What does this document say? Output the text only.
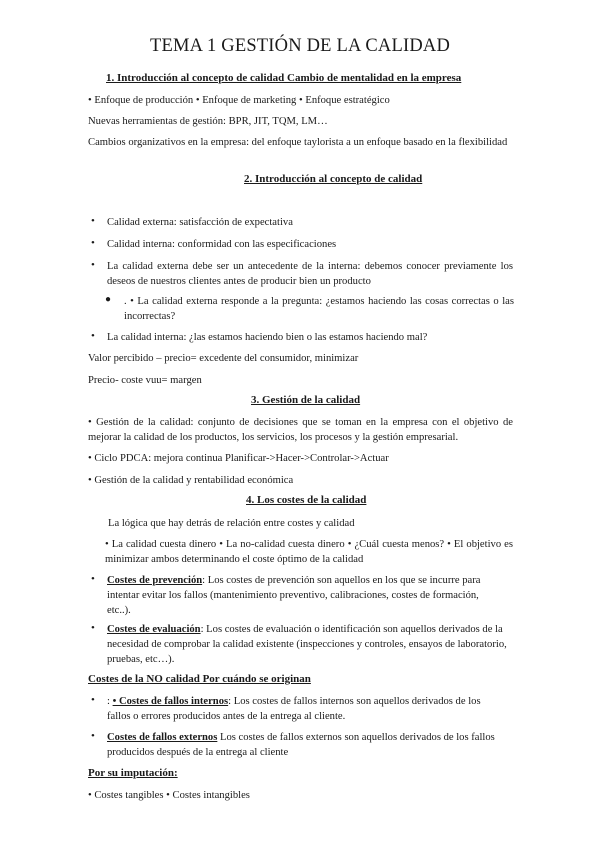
TEMA 1 GESTIÓN DE LA CALIDAD
1. Introducción al concepto de calidad Cambio de mentalidad en la empresa
• Enfoque de producción • Enfoque de marketing • Enfoque estratégico
Nuevas herramientas de gestión: BPR, JIT, TQM, LM…
Cambios organizativos en la empresa: del enfoque taylorista a un enfoque basado en la flexibilidad
2. Introducción al concepto de calidad
• Calidad externa: satisfacción de expectativa
• Calidad interna: conformidad con las especificaciones
• La calidad externa debe ser un antecedente de la interna: debemos conocer previamente los deseos de nuestros clientes antes de producir bien un producto
● . • La calidad externa responde a la pregunta: ¿estamos haciendo las cosas correctas o las incorrectas?
• La calidad interna: ¿las estamos haciendo bien o las estamos haciendo mal?
Valor percibido – precio= excedente del consumidor, minimizar
Precio- coste vuu= margen
3. Gestión de la calidad
• Gestión de la calidad: conjunto de decisiones que se toman en la empresa con el objetivo de mejorar la calidad de los productos, los servicios, los procesos y la gestión empresarial.
• Ciclo PDCA: mejora continua Planificar->Hacer->Controlar->Actuar
• Gestión de la calidad y rentabilidad económica
4. Los costes de la calidad
La lógica que hay detrás de relación entre costes y calidad
• La calidad cuesta dinero • La no-calidad cuesta dinero • ¿Cuál cuesta menos? • El objetivo es minimizar ambos determinando el coste óptimo de la calidad
• Costes de prevención: Los costes de prevención son aquellos en los que se incurre para intentar evitar los fallos (mantenimiento preventivo, calibraciones, costes de formación, etc..).
• Costes de evaluación: Los costes de evaluación o identificación son aquellos derivados de la necesidad de comprobar la calidad existente (inspecciones y controles, ensayos de laboratorio, pruebas, etc…).
Costes de la NO calidad Por cuándo se originan
• : • Costes de fallos internos: Los costes de fallos internos son aquellos derivados de los fallos o errores producidos antes de la entrega al cliente.
• Costes de fallos externos Los costes de fallos externos son aquellos derivados de los fallos producidos después de la entrega al cliente
Por su imputación:
• Costes tangibles • Costes intangibles
